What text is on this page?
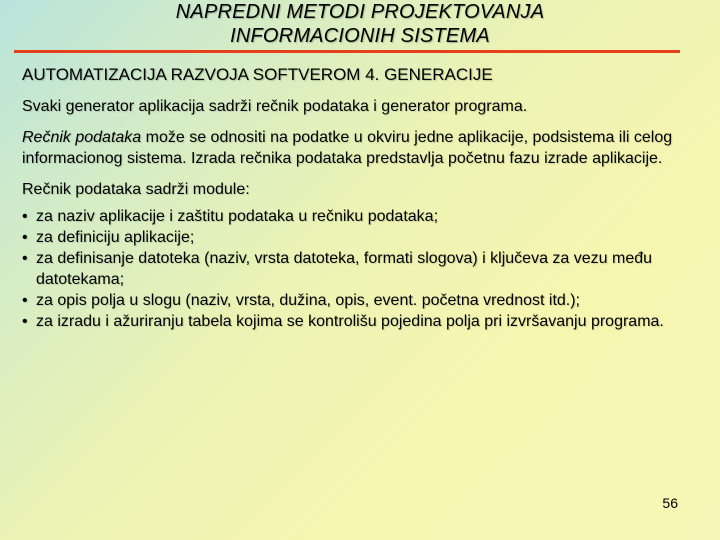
NAPREDNI METODI PROJEKTOVANJA
INFORMACIONIH SISTEMA
AUTOMATIZACIJA RAZVOJA SOFTVEROM 4. GENERACIJE

Svaki generator aplikacija sadrži rečnik podataka i generator programa.

Rečnik podataka može se odnositi na podatke u okviru jedne aplikacije, podsistema ili celog informacionog sistema. Izrada rečnika podataka predstavlja početnu fazu izrade aplikacije.

Rečnik podataka sadrži module:

• za naziv aplikacije i zaštitu podataka u rečniku podataka;
• za definiciju aplikacije;
• za definisanje datoteka (naziv, vrsta datoteka, formati slogova) i ključeva za vezu među datotekama;
• za opis polja u slogu (naziv, vrsta, dužina, opis, event. početna vrednost itd.);
• za izradu i ažuriranju tabela kojima se kontrolišu pojedina polja pri izvršavanju programa.
56
